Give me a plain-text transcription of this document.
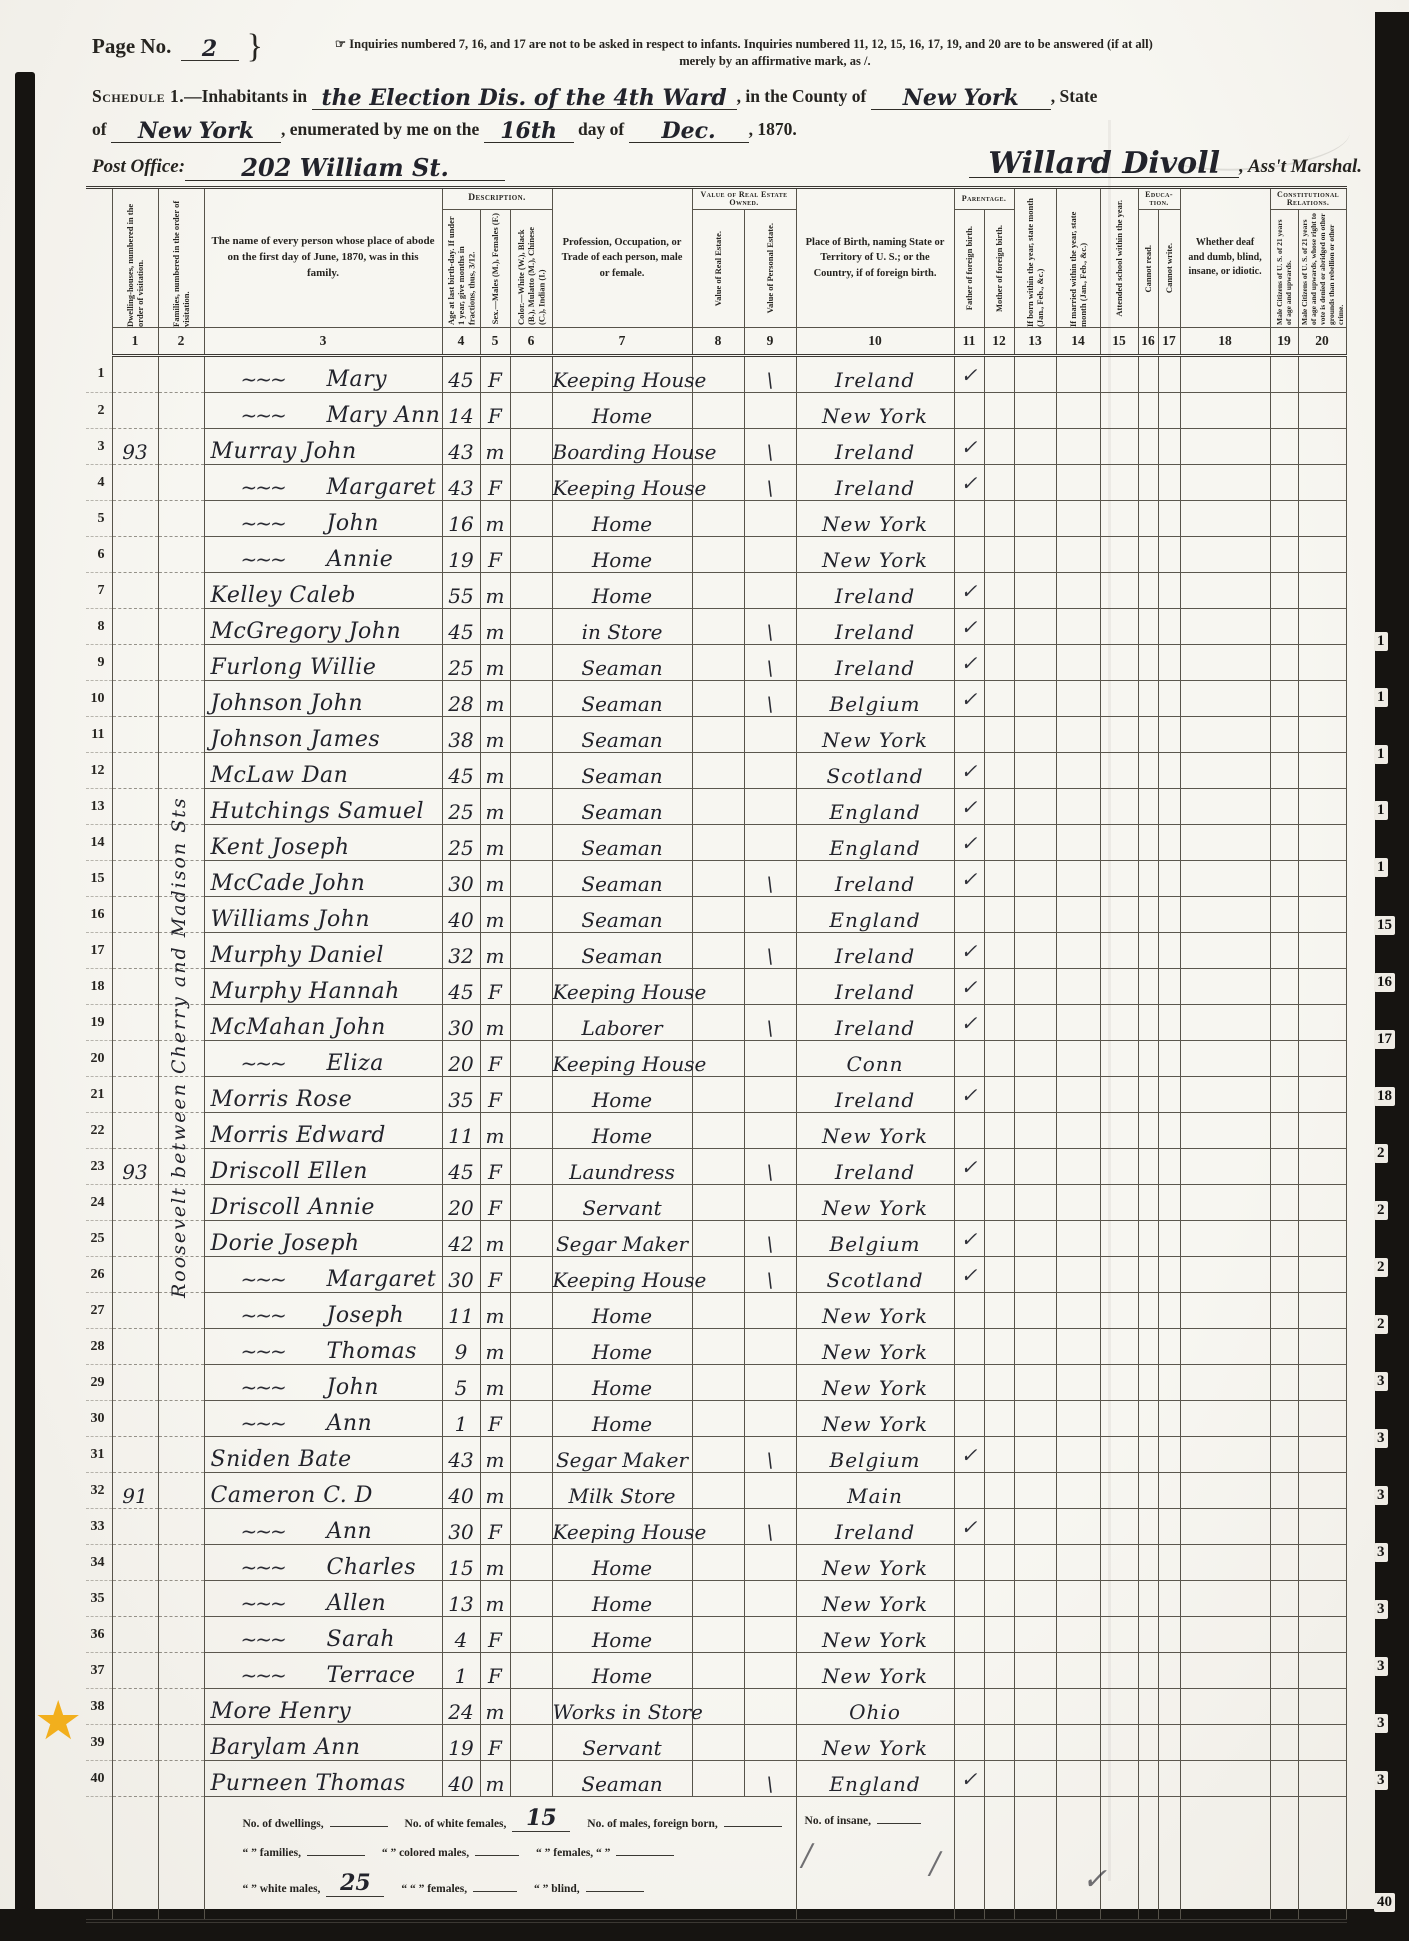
Page No. 2 }	☞ Inquiries numbered 7, 16, and 17 are not to be asked in respect to infants. Inquiries numbered 11, 12, 15, 16, 17, 19, and 20 are to be answered (if at all)
merely by an affirmative mark, as /.
Schedule 1.—Inhabitants in the Election Dis. of the 4th Ward , in the County of New York , State
of New York , enumerated by me on the 16th day of Dec. , 1870.
Post Office:	202 William St.	Willard Divoll	, Ass't Marshal.

	Dwelling-houses, numbered in the order of visitation.	Families, numbered in the order of visitation.	The name of every person whose place of abode on the first day of June, 1870, was in this family.	Description.			Profession, Occupation, or Trade of each person, male or female.	Value of Real Estate Owned.		Place of Birth, naming State or Territory of U. S.; or the Country, if of foreign birth.	Parentage.		If born within the year, state month (Jan., Feb., &c.)	If married within the year, state month (Jan., Feb., &c.)	Attended school within the year.	Educa-tion.		Whether deaf and dumb, blind, insane, or idiotic.	Constitutional Relations.	

				Age at last birth-day. If under 1 year, give months in fractions, thus, 3/12.	Sex.—Males (M.), Females (F.)	Color.—White (W.), Black (B.), Mulatto (M.), Chinese (C.), Indian (I.)		Value of Real Estate.	Value of Personal Estate.		Father of foreign birth.	Mother of foreign birth.				Cannot read.	Cannot write.		Male Citizens of U. S. of 21 years of age and upwards.	Male Citizens of U. S. of 21 years of age and upwards, whose right to vote is denied or abridged on other grounds than rebellion or other crime.

	1	2	3	4	5	6	7	8	9	10	11	12	13	14	15	16	17	18	19	20
1			~~~ Mary	45	F		Keeping House		\	Ireland	✓									
2			~~~ Mary Ann	14	F		Home			New York										
3	93		Murray John	43	m		Boarding House		\	Ireland	✓									
4			~~~ Margaret	43	F		Keeping House		\	Ireland	✓									
5			~~~ John	16	m		Home			New York										
6			~~~ Annie	19	F		Home			New York										
7			Kelley Caleb	55	m		Home			Ireland	✓									
8			McGregory John	45	m		in Store		\	Ireland	✓									
9			Furlong Willie	25	m		Seaman		\	Ireland	✓									
10			Johnson John	28	m		Seaman		\	Belgium	✓									
11			Johnson James	38	m		Seaman			New York										
12			McLaw Dan	45	m		Seaman			Scotland	✓									
13			Hutchings Samuel	25	m		Seaman			England	✓									
14			Kent Joseph	25	m		Seaman			England	✓									
15			McCade John	30	m		Seaman		\	Ireland	✓									
16			Williams John	40	m		Seaman			England										
17			Murphy Daniel	32	m		Seaman		\	Ireland	✓									
18			Murphy Hannah	45	F		Keeping House			Ireland	✓									
19			McMahan John	30	m		Laborer		\	Ireland	✓									
20			~~~ Eliza	20	F		Keeping House			Conn										
21			Morris Rose	35	F		Home			Ireland	✓									
22			Morris Edward	11	m		Home			New York										
23	93		Driscoll Ellen	45	F		Laundress		\	Ireland	✓									
24			Driscoll Annie	20	F		Servant			New York										
25			Dorie Joseph	42	m		Segar Maker		\	Belgium	✓									
26			~~~ Margaret	30	F		Keeping House		\	Scotland	✓									
27			~~~ Joseph	11	m		Home			New York										
28			~~~ Thomas	9	m		Home			New York										
29			~~~ John	5	m		Home			New York										
30			~~~ Ann	1	F		Home			New York										
31			Sniden Bate	43	m		Segar Maker		\	Belgium	✓									
32	91		Cameron C. D	40	m		Milk Store			Main										
33			~~~ Ann	30	F		Keeping House		\	Ireland	✓									
34			~~~ Charles	15	m		Home			New York										
35			~~~ Allen	13	m		Home			New York										
36			~~~ Sarah	4	F		Home			New York										
37			~~~ Terrace	1	F		Home			New York										
38			More Henry	24	m		Works in Store			Ohio										
39			Barylam Ann	19	F		Servant			New York										
40			Purneen Thomas	40	m		Seaman		\	England	✓									

			No. of dwellings, No. of white females, 15 No. of males, foreign born,
“ ” families, “ ” colored males, “ ” females, “ ”
“ ” white males, 25 “ “ ” females, “ ” blind,							No. of insane,										
Roosevelt between Cherry and Madison Sts
★
1
1
1
1
1
15
16
17
18
2
2
2
2
3
3
3
3
3
3
3
3
40
/	/	✓
